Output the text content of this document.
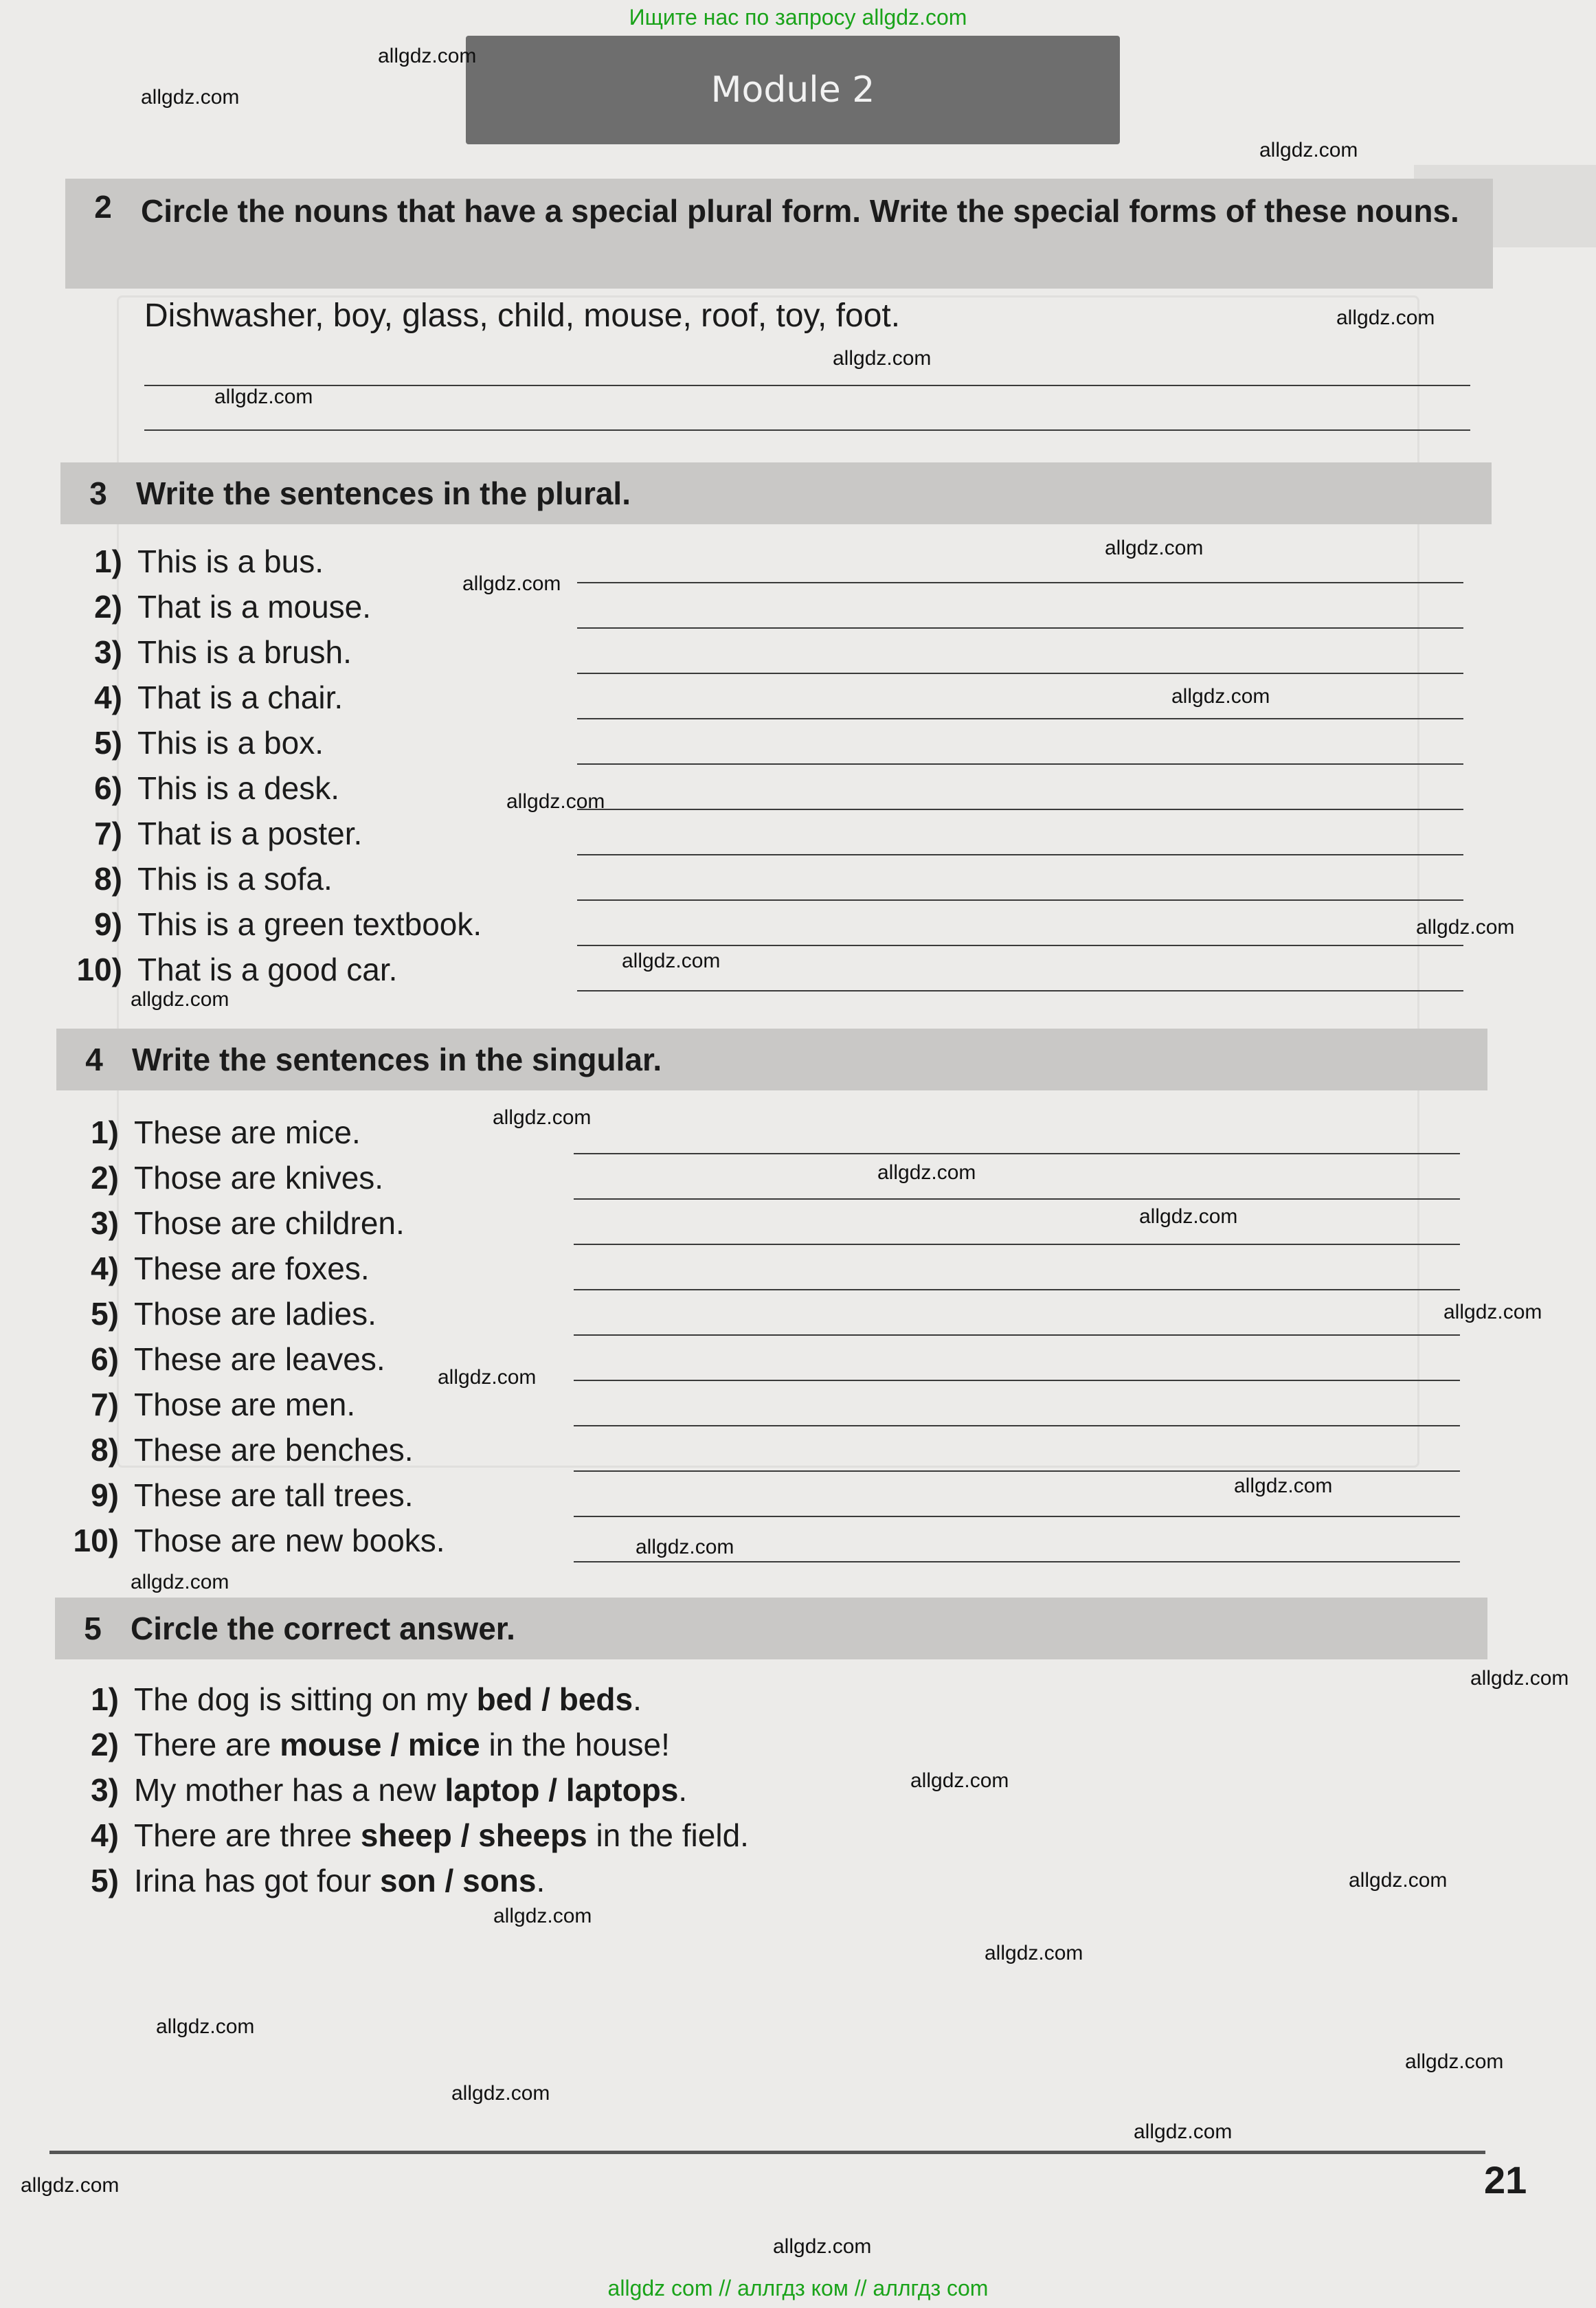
Ищите нас по запросу allgdz.com
Module 2
2 Circle the nouns that have a special plural form. Write the special forms of these nouns.
Dishwasher, boy, glass, child, mouse, roof, toy, foot.
3 Write the sentences in the plural.
1) This is a bus.
2) That is a mouse.
3) This is a brush.
4) That is a chair.
5) This is a box.
6) This is a desk.
7) That is a poster.
8) This is a sofa.
9) This is a green textbook.
10) That is a good car.
4 Write the sentences in the singular.
1) These are mice.
2) Those are knives.
3) Those are children.
4) These are foxes.
5) Those are ladies.
6) These are leaves.
7) Those are men.
8) These are benches.
9) These are tall trees.
10) Those are new books.
5 Circle the correct answer.
1) The dog is sitting on my bed / beds.
2) There are mouse / mice in the house!
3) My mother has a new laptop / laptops.
4) There are three sheep / sheeps in the field.
5) Irina has got four son / sons.
allgdz.com
allgdz.com
allgdz.com
allgdz.com
allgdz.com
allgdz.com
allgdz.com
allgdz.com
allgdz.com
allgdz.com
allgdz.com
allgdz.com
allgdz.com
allgdz.com
allgdz.com
allgdz.com
allgdz.com
allgdz.com
allgdz.com
allgdz.com
allgdz.com
allgdz.com
allgdz.com
allgdz.com
allgdz.com
allgdz.com
allgdz.com
allgdz.com
allgdz.com
allgdz.com
allgdz.com
allgdz.com
21
allgdz com // аллгдз ком // аллгдз com
